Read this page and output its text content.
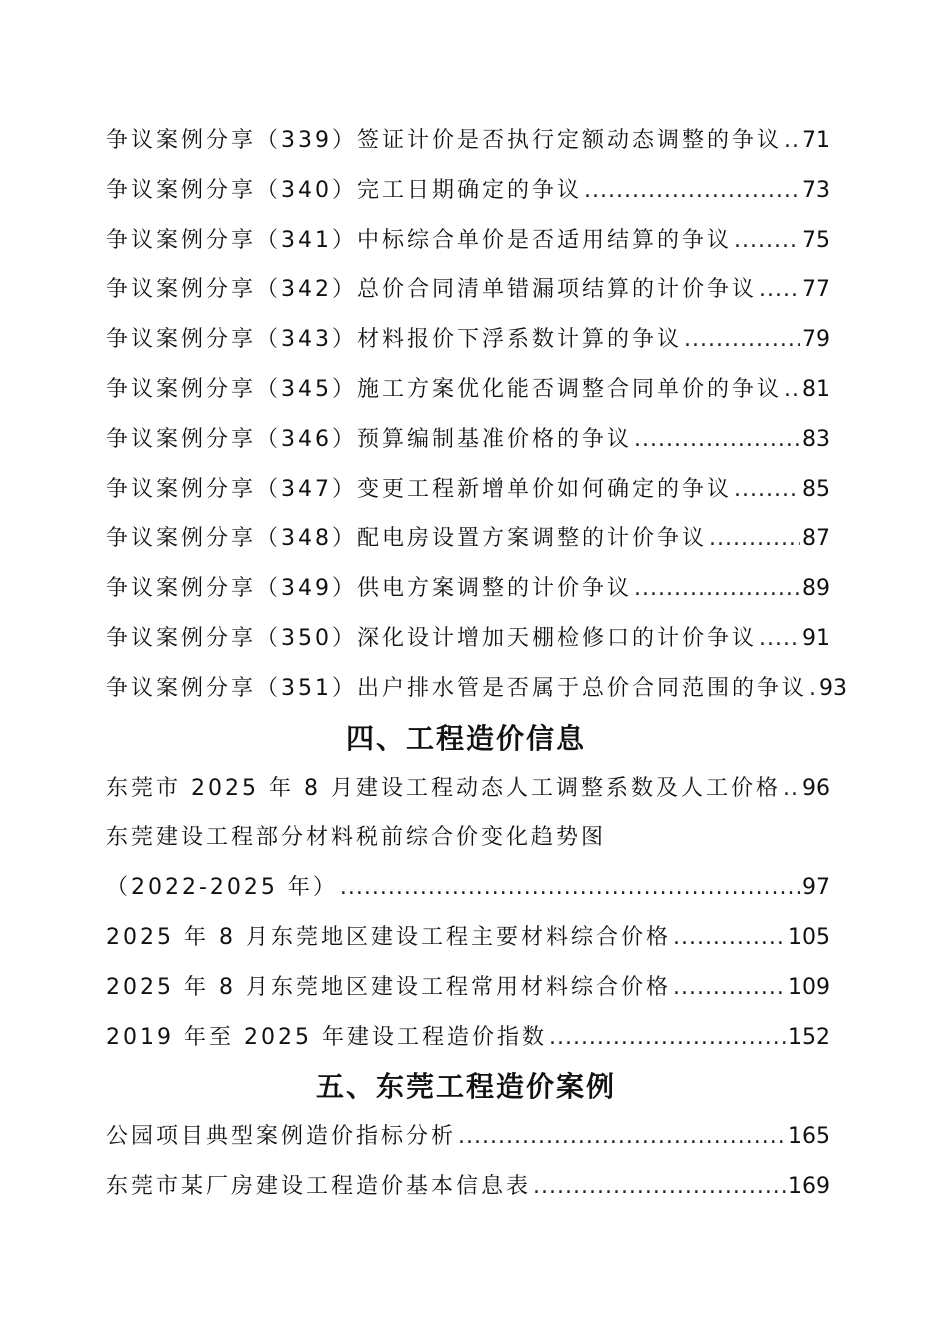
争议案例分享（339）签证计价是否执行定额动态调整的争议 ..... 71
争议案例分享（340）完工日期确定的争议 .....	73
争议案例分享（341）中标综合单价是否适用结算的争议 .....	75
争议案例分享（342）总价合同清单错漏项结算的计价争议 ..... 77
争议案例分享（343）材料报价下浮系数计算的争议 .....	79
争议案例分享（345）施工方案优化能否调整合同单价的争议 ..... 81
争议案例分享（346）预算编制基准价格的争议 .....	83
争议案例分享（347）变更工程新增单价如何确定的争议 .....	85
争议案例分享（348）配电房设置方案调整的计价争议 .....	87
争议案例分享（349）供电方案调整的计价争议 .....	89
争议案例分享（350）深化设计增加天棚检修口的计价争议 ..... 91
争议案例分享（351）出户排水管是否属于总价合同范围的争议 ..... 93
四、工程造价信息
东莞市 2025 年 8 月建设工程动态人工调整系数及人工价格 ..... 96
东莞建设工程部分材料税前综合价变化趋势图
（2022-2025 年） .....	97
2025 年 8 月东莞地区建设工程主要材料综合价格 .....	105
2025 年 8 月东莞地区建设工程常用材料综合价格 .....	109
2019 年至 2025 年建设工程造价指数 .....	152
五、东莞工程造价案例
公园项目典型案例造价指标分析 .....	165
东莞市某厂房建设工程造价基本信息表 .....	169
